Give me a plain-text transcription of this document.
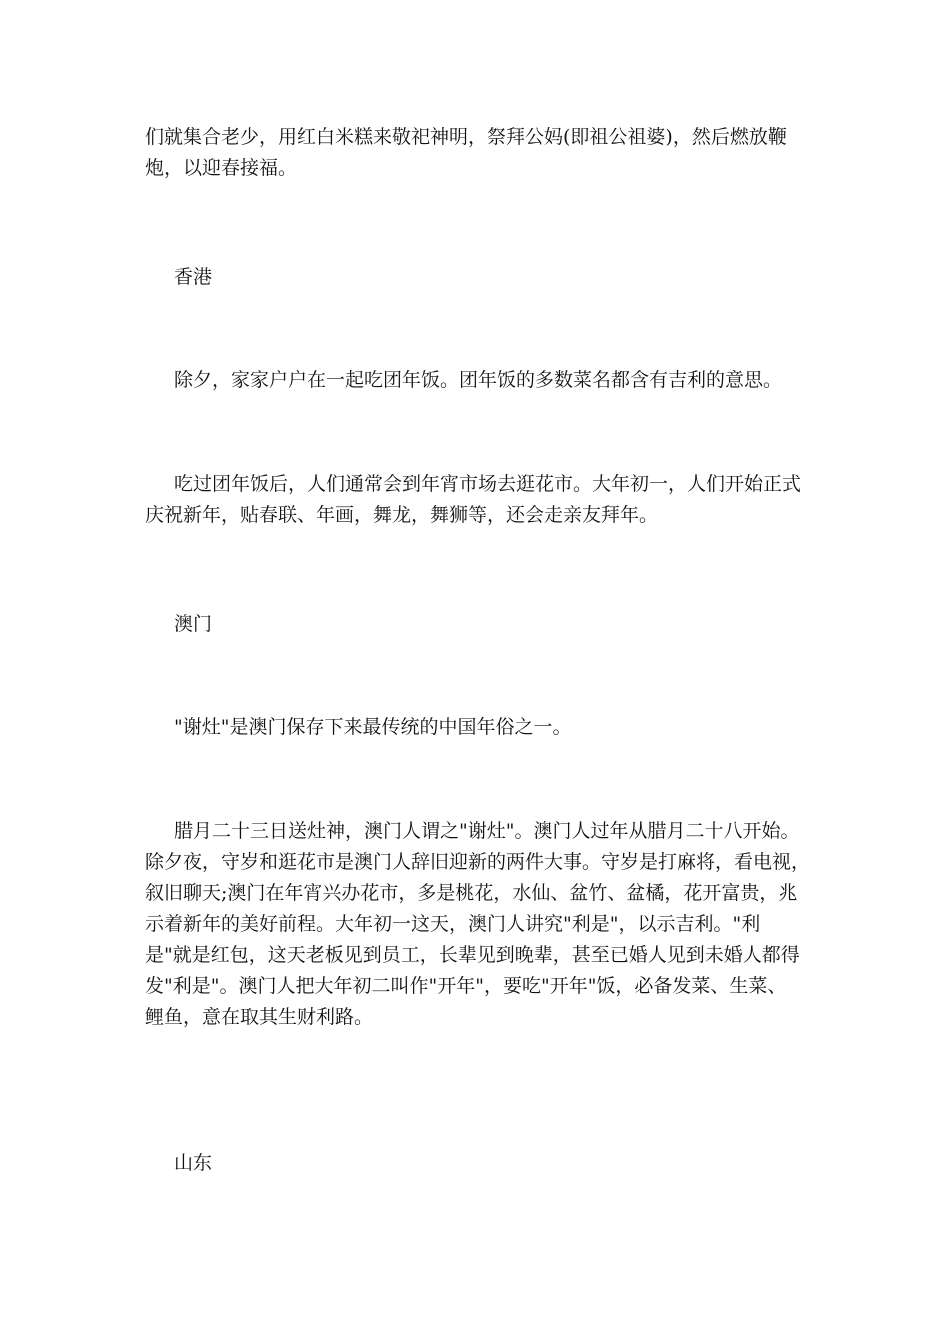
们就集合老少，用红白米糕来敬祀神明，祭拜公妈(即祖公祖婆)，然后燃放鞭
炮，以迎春接福。
香港
除夕，家家户户在一起吃团年饭。团年饭的多数菜名都含有吉利的意思。
吃过团年饭后，人们通常会到年宵市场去逛花市。大年初一，人们开始正式
庆祝新年，贴春联、年画，舞龙，舞狮等，还会走亲友拜年。
澳门
"谢灶"是澳门保存下来最传统的中国年俗之一。
腊月二十三日送灶神，澳门人谓之"谢灶"。澳门人过年从腊月二十八开始。
除夕夜，守岁和逛花市是澳门人辞旧迎新的两件大事。守岁是打麻将，看电视，
叙旧聊天;澳门在年宵兴办花市，多是桃花，水仙、盆竹、盆橘，花开富贵，兆
示着新年的美好前程。大年初一这天，澳门人讲究"利是"，以示吉利。"利
是"就是红包，这天老板见到员工，长辈见到晚辈，甚至已婚人见到未婚人都得
发"利是"。澳门人把大年初二叫作"开年"，要吃"开年"饭，必备发菜、生菜、
鲤鱼，意在取其生财利路。
山东
